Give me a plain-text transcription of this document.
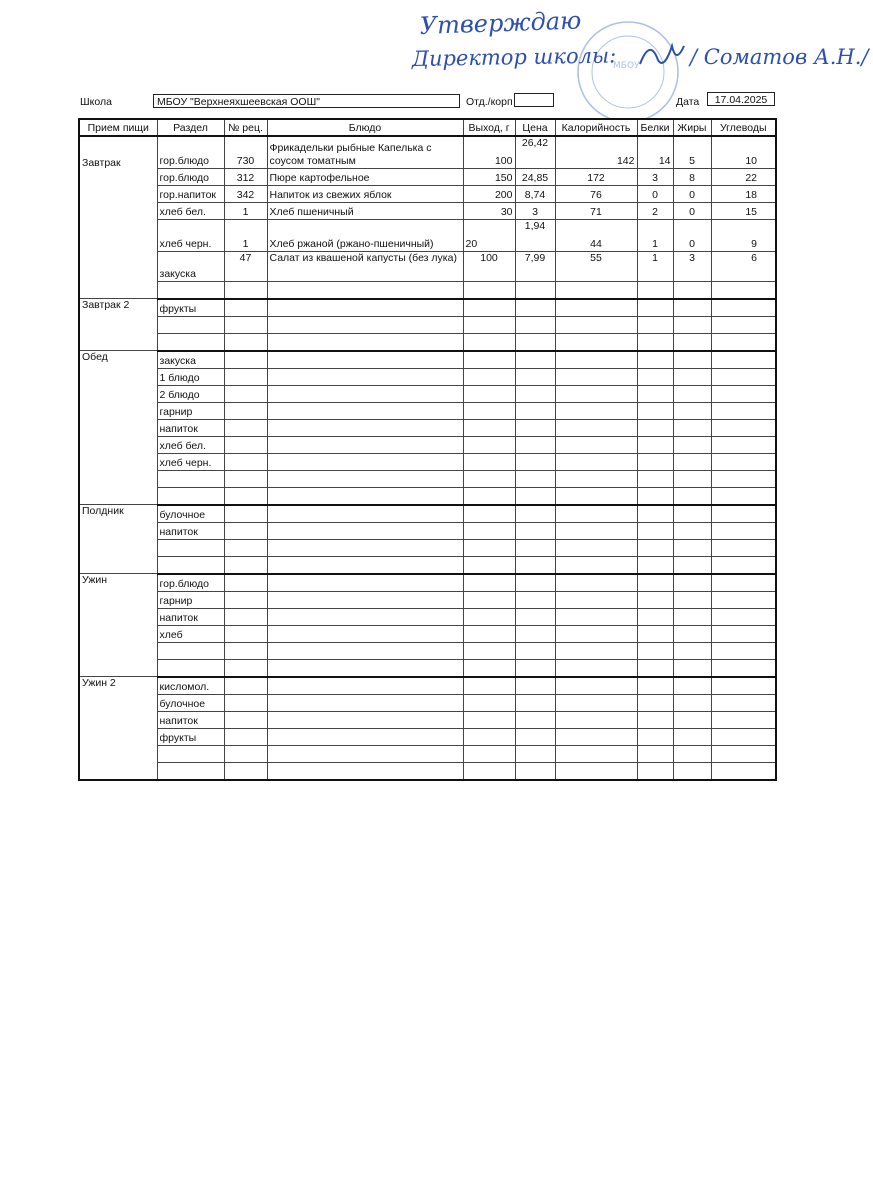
МБОУ
Утверждаю
Директор школы:	/ Соматов А.Н./
Школа	МБОУ "Верхнеяхшеевская ООШ"	Отд./корп	Дата	17.04.2025
Прием пищи	Раздел	№ рец.	Блюдо	Выход, г	Цена	Калорийность	Белки	Жиры	Углеводы

Завтрак	гор.блюдо	730	Фрикадельки рыбные Капелька с соусом томатным	100	26,42	142	14	5	10
	гор.блюдо	312	Пюре картофельное	150	24,85	172	3	8	22
	гор.напиток	342	Напиток из свежих яблок	200	8,74	76	0	0	18
	хлеб бел.	1	Хлеб пшеничный	30	3	71	2	0	15
	хлеб черн.	1	Хлеб ржаной (ржано-пшеничный)	20	1,94	44	1	0	9
	закуска	47	Салат из квашеной капусты (без лука)	100	7,99	55	1	3	6

Завтрак 2	фрукты								

Обед	закуска								
	1 блюдо								
	2 блюдо								
	гарнир								
	напиток								
	хлеб бел.								
	хлеб черн.								

Полдник	булочное								
	напиток								

Ужин	гор.блюдо								
	гарнир								
	напиток								
	хлеб								

Ужин 2	кисломол.								
	булочное								
	напиток								
	фрукты								
